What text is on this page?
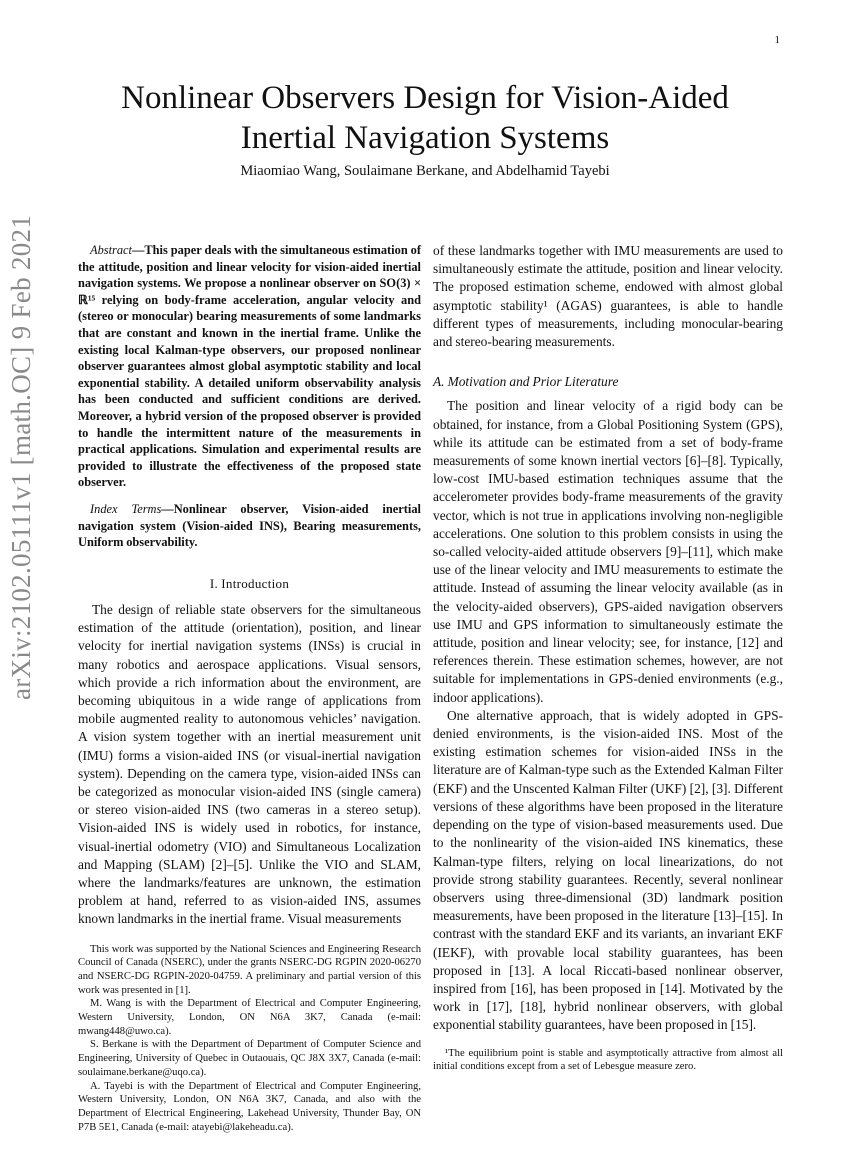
1
arXiv:2102.05111v1 [math.OC] 9 Feb 2021
Nonlinear Observers Design for Vision-Aided
Inertial Navigation Systems
Miaomiao Wang, Soulaimane Berkane, and Abdelhamid Tayebi

Abstract—This paper deals with the simultaneous estimation of the attitude, position and linear velocity for vision-aided inertial navigation systems. We propose a nonlinear observer on SO(3) × ℝ¹⁵ relying on body-frame acceleration, angular velocity and (stereo or monocular) bearing measurements of some landmarks that are constant and known in the inertial frame. Unlike the existing local Kalman-type observers, our proposed nonlinear observer guarantees almost global asymptotic stability and local exponential stability. A detailed uniform observability analysis has been conducted and sufficient conditions are derived. Moreover, a hybrid version of the proposed observer is provided to handle the intermittent nature of the measurements in practical applications. Simulation and experimental results are provided to illustrate the effectiveness of the proposed state observer.

Index Terms—Nonlinear observer, Vision-aided inertial navigation system (Vision-aided INS), Bearing measurements, Uniform observability.

I. Introduction

The design of reliable state observers for the simultaneous estimation of the attitude (orientation), position, and linear velocity for inertial navigation systems (INSs) is crucial in many robotics and aerospace applications. Visual sensors, which provide a rich information about the environment, are becoming ubiquitous in a wide range of applications from mobile augmented reality to autonomous vehicles’ navigation. A vision system together with an inertial measurement unit (IMU) forms a vision-aided INS (or visual-inertial navigation system). Depending on the camera type, vision-aided INSs can be categorized as monocular vision-aided INS (single camera) or stereo vision-aided INS (two cameras in a stereo setup). Vision-aided INS is widely used in robotics, for instance, visual-inertial odometry (VIO) and Simultaneous Localization and Mapping (SLAM) [2]–[5]. Unlike the VIO and SLAM, where the landmarks/features are unknown, the estimation problem at hand, referred to as vision-aided INS, assumes known landmarks in the inertial frame. Visual measurements

This work was supported by the National Sciences and Engineering Research Council of Canada (NSERC), under the grants NSERC-DG RGPIN 2020-06270 and NSERC-DG RGPIN-2020-04759. A preliminary and partial version of this work was presented in [1].

M. Wang is with the Department of Electrical and Computer Engineering, Western University, London, ON N6A 3K7, Canada (e-mail: mwang448@uwo.ca).

S. Berkane is with the Department of Department of Computer Science and Engineering, University of Quebec in Outaouais, QC J8X 3X7, Canada (e-mail: soulaimane.berkane@uqo.ca).

A. Tayebi is with the Department of Electrical and Computer Engineering, Western University, London, ON N6A 3K7, Canada, and also with the Department of Electrical Engineering, Lakehead University, Thunder Bay, ON P7B 5E1, Canada (e-mail: atayebi@lakeheadu.ca).

of these landmarks together with IMU measurements are used to simultaneously estimate the attitude, position and linear velocity. The proposed estimation scheme, endowed with almost global asymptotic stability¹ (AGAS) guarantees, is able to handle different types of measurements, including monocular-bearing and stereo-bearing measurements.

A. Motivation and Prior Literature

The position and linear velocity of a rigid body can be obtained, for instance, from a Global Positioning System (GPS), while its attitude can be estimated from a set of body-frame measurements of some known inertial vectors [6]–[8]. Typically, low-cost IMU-based estimation techniques assume that the accelerometer provides body-frame measurements of the gravity vector, which is not true in applications involving non-negligible accelerations. One solution to this problem consists in using the so-called velocity-aided attitude observers [9]–[11], which make use of the linear velocity and IMU measurements to estimate the attitude. Instead of assuming the linear velocity available (as in the velocity-aided observers), GPS-aided navigation observers use IMU and GPS information to simultaneously estimate the attitude, position and linear velocity; see, for instance, [12] and references therein. These estimation schemes, however, are not suitable for implementations in GPS-denied environments (e.g., indoor applications).

One alternative approach, that is widely adopted in GPS-denied environments, is the vision-aided INS. Most of the existing estimation schemes for vision-aided INSs in the literature are of Kalman-type such as the Extended Kalman Filter (EKF) and the Unscented Kalman Filter (UKF) [2], [3]. Different versions of these algorithms have been proposed in the literature depending on the type of vision-based measurements used. Due to the nonlinearity of the vision-aided INS kinematics, these Kalman-type filters, relying on local linearizations, do not provide strong stability guarantees. Recently, several nonlinear observers using three-dimensional (3D) landmark position measurements, have been proposed in the literature [13]–[15]. In contrast with the standard EKF and its variants, an invariant EKF (IEKF), with provable local stability guarantees, has been proposed in [13]. A local Riccati-based nonlinear observer, inspired from [16], has been proposed in [14]. Motivated by the work in [17], [18], hybrid nonlinear observers, with global exponential stability guarantees, have been proposed in [15].

¹The equilibrium point is stable and asymptotically attractive from almost all initial conditions except from a set of Lebesgue measure zero.
